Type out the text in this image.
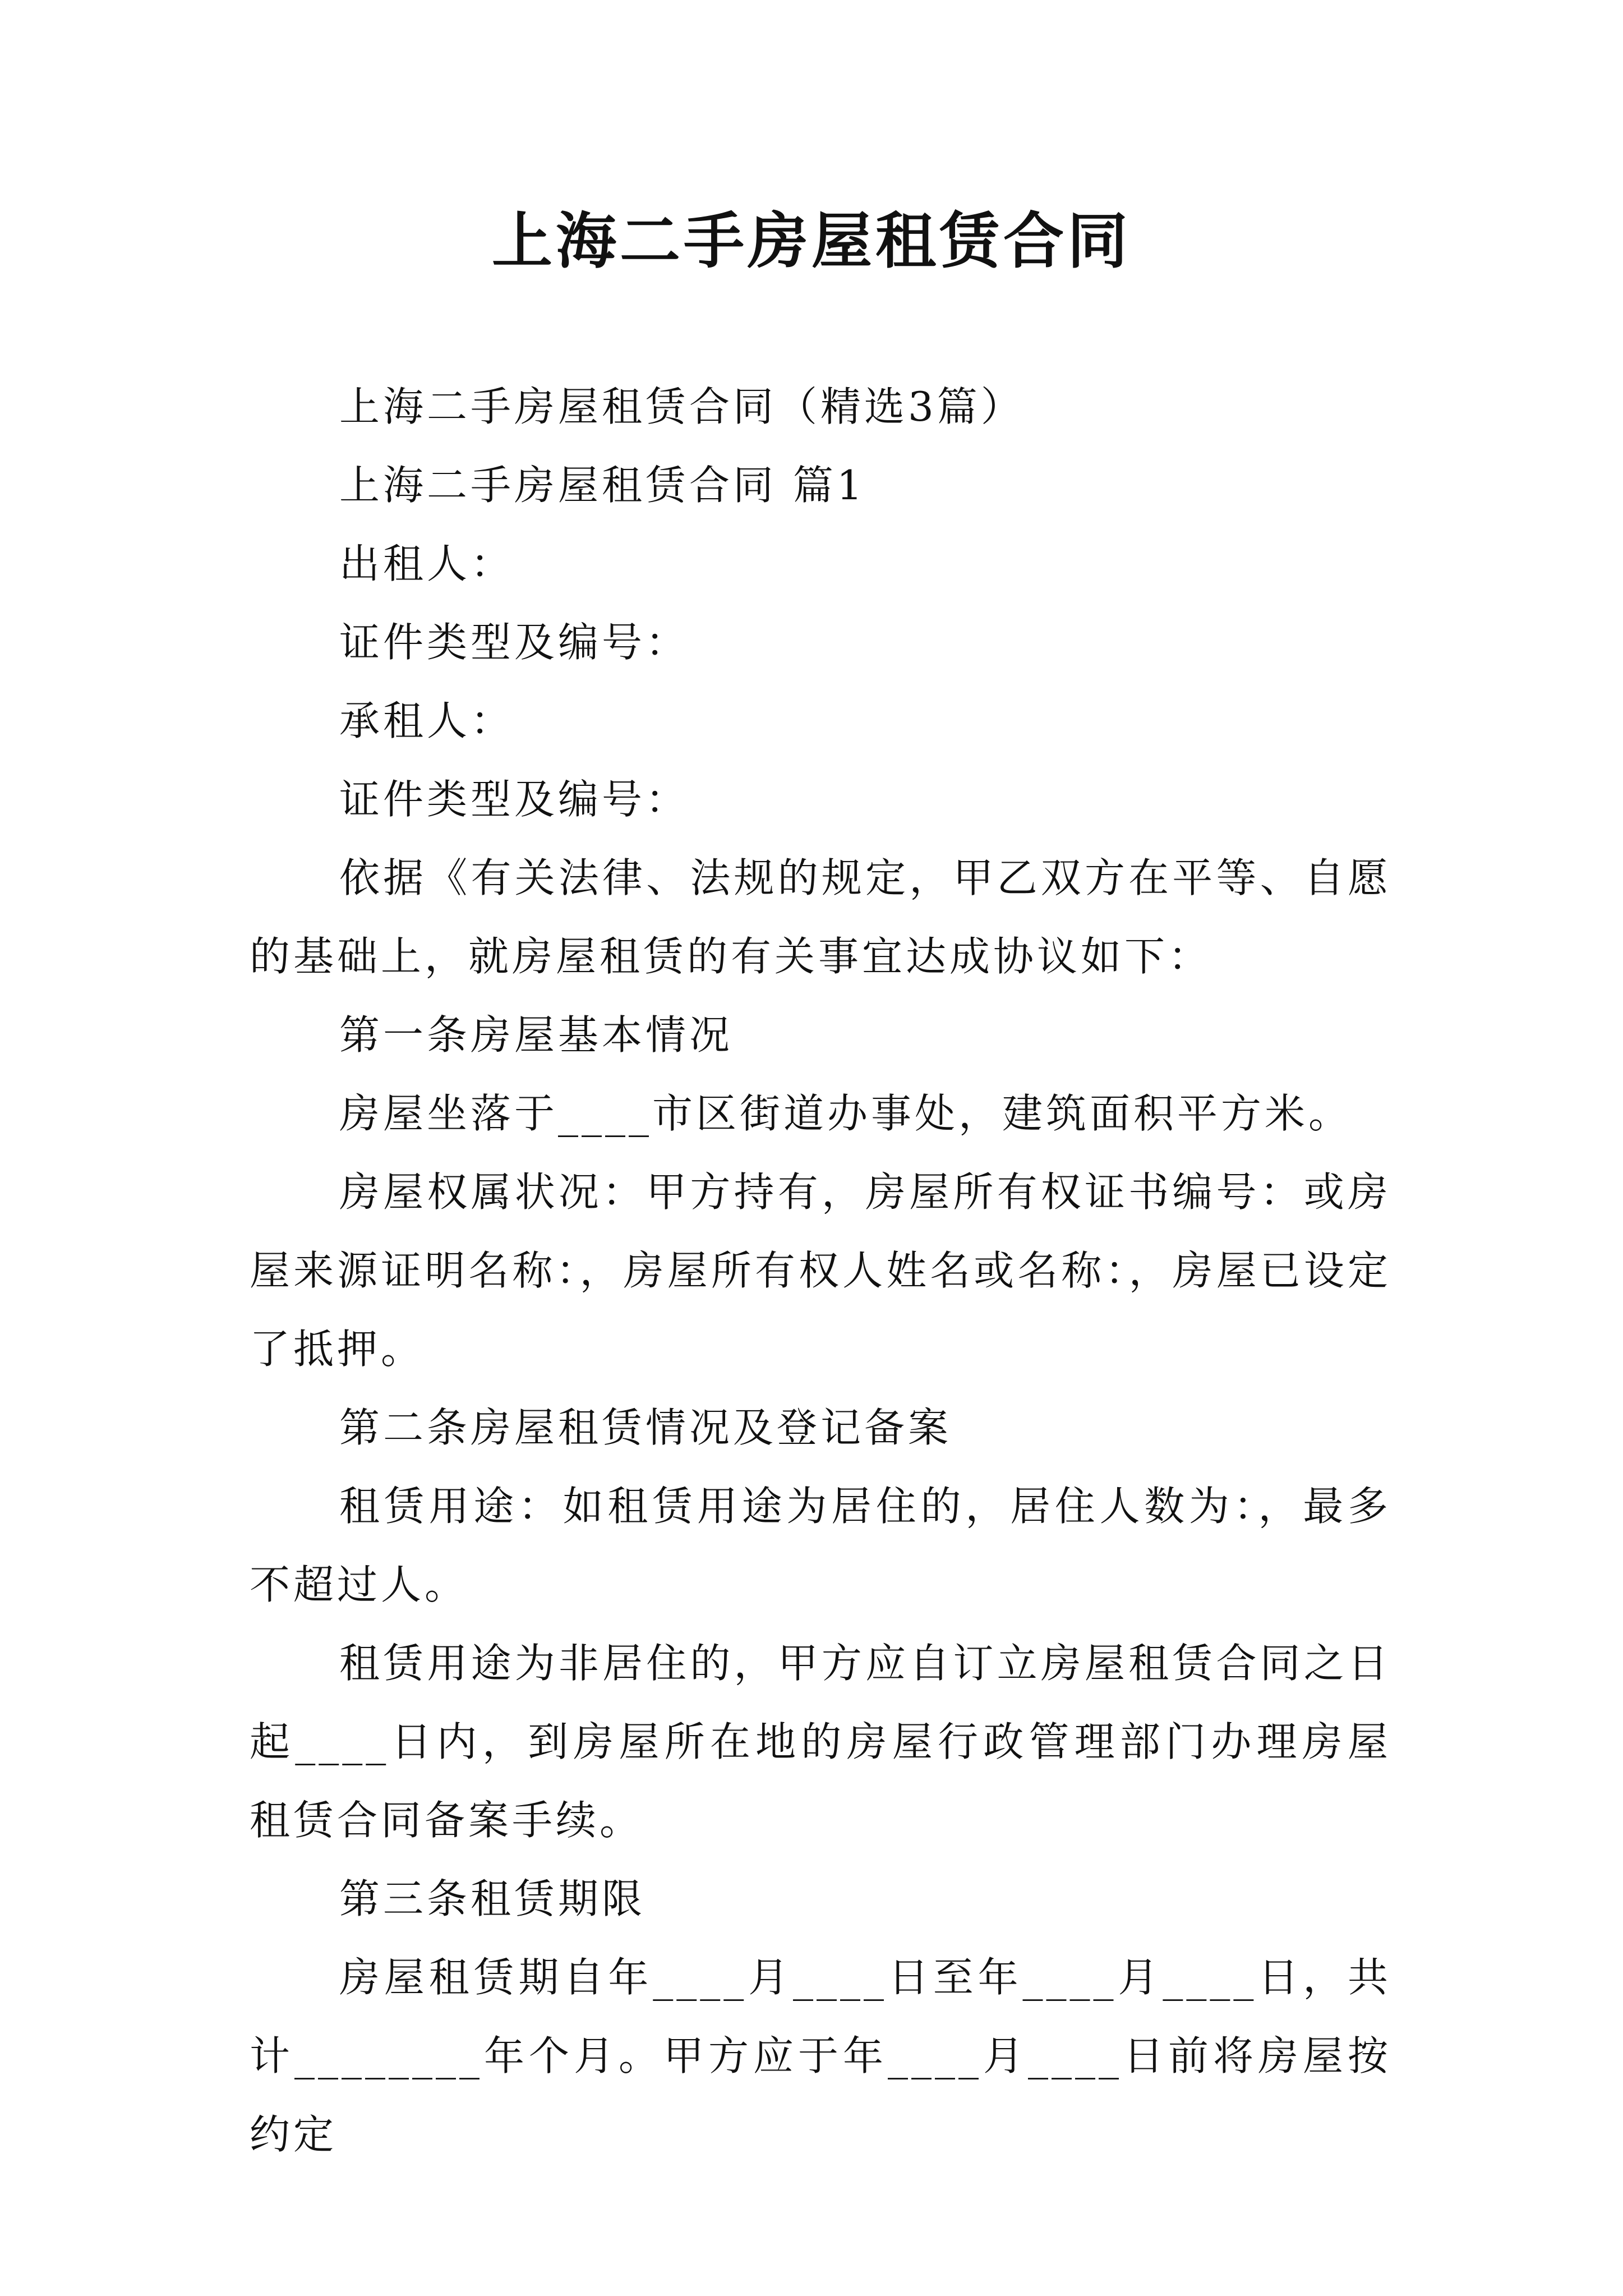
上海二手房屋租赁合同

上海二手房屋租赁合同（精选3篇）

上海二手房屋租赁合同 篇1

出租人：

证件类型及编号：

承租人：

证件类型及编号：

依据《有关法律、法规的规定，甲乙双方在平等、自愿的基础上，就房屋租赁的有关事宜达成协议如下：

第一条房屋基本情况

房屋坐落于____市区街道办事处，建筑面积平方米。

房屋权属状况：甲方持有，房屋所有权证书编号：或房屋来源证明名称：，房屋所有权人姓名或名称：，房屋已设定了抵押。

第二条房屋租赁情况及登记备案

租赁用途：如租赁用途为居住的，居住人数为：，最多不超过人。

租赁用途为非居住的，甲方应自订立房屋租赁合同之日起____日内，到房屋所在地的房屋行政管理部门办理房屋租赁合同备案手续。

第三条租赁期限

房屋租赁期自年____月____日至年____月____日，共计________年个月。甲方应于年____月____日前将房屋按约定
